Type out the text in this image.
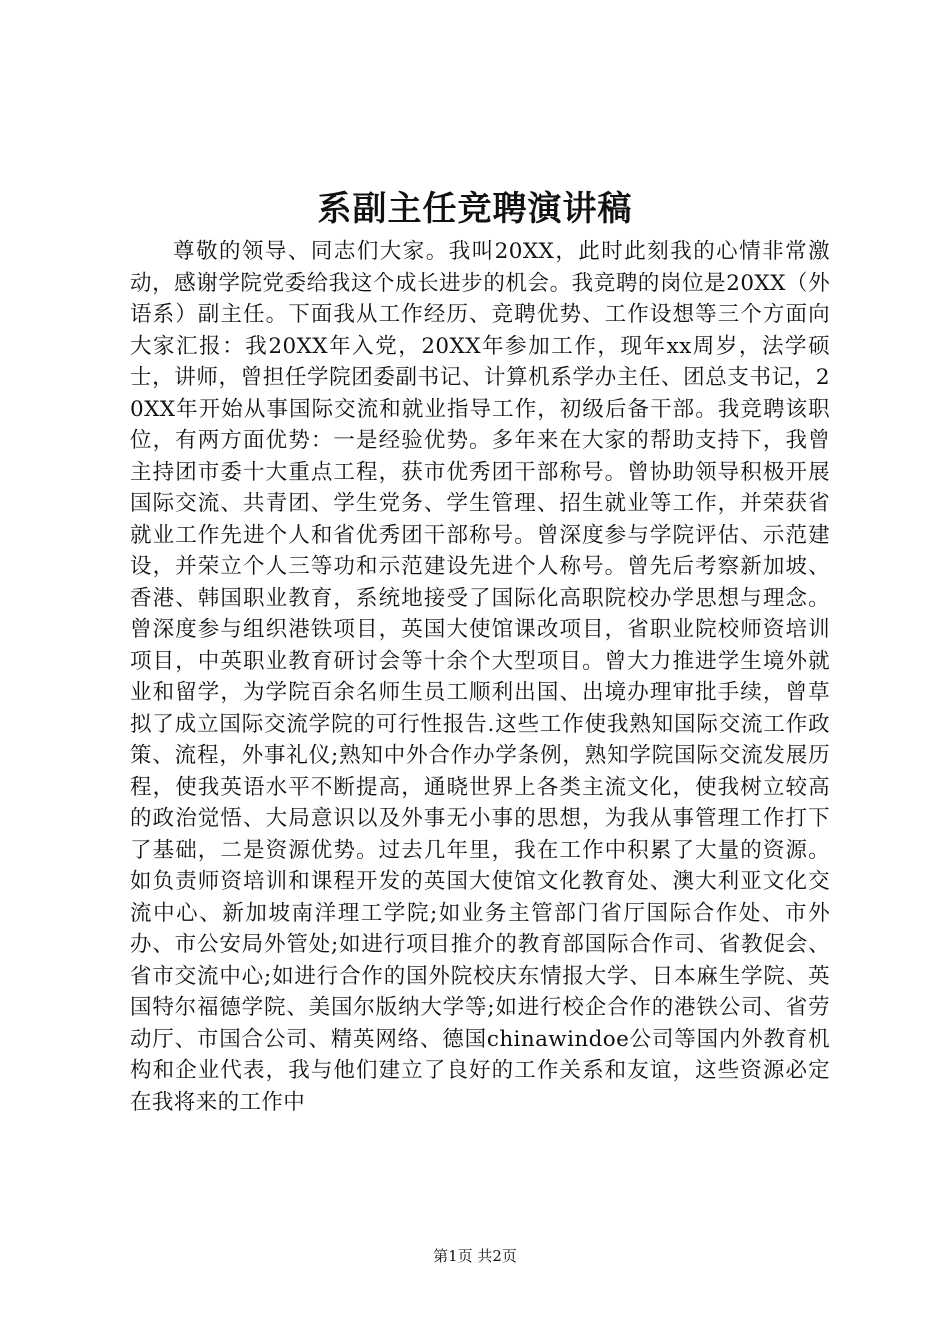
系副主任竞聘演讲稿

尊敬的领导、同志们大家。我叫20XX，此时此刻我的心情非常激动，感谢学院党委给我这个成长进步的机会。我竞聘的岗位是20XX（外语系）副主任。下面我从工作经历、竞聘优势、工作设想等三个方面向大家汇报：我20XX年入党，20XX年参加工作，现年xx周岁，法学硕士，讲师，曾担任学院团委副书记、计算机系学办主任、团总支书记，20XX年开始从事国际交流和就业指导工作，初级后备干部。我竞聘该职位，有两方面优势：一是经验优势。多年来在大家的帮助支持下，我曾主持团市委十大重点工程，获市优秀团干部称号。曾协助领导积极开展国际交流、共青团、学生党务、学生管理、招生就业等工作，并荣获省就业工作先进个人和省优秀团干部称号。曾深度参与学院评估、示范建设，并荣立个人三等功和示范建设先进个人称号。曾先后考察新加坡、香港、韩国职业教育，系统地接受了国际化高职院校办学思想与理念。曾深度参与组织港铁项目，英国大使馆课改项目，省职业院校师资培训项目，中英职业教育研讨会等十余个大型项目。曾大力推进学生境外就业和留学，为学院百余名师生员工顺利出国、出境办理审批手续，曾草拟了成立国际交流学院的可行性报告.这些工作使我熟知国际交流工作政策、流程，外事礼仪;熟知中外合作办学条例，熟知学院国际交流发展历程，使我英语水平不断提高，通晓世界上各类主流文化，使我树立较高的政治觉悟、大局意识以及外事无小事的思想，为我从事管理工作打下了基础，二是资源优势。过去几年里，我在工作中积累了大量的资源。如负责师资培训和课程开发的英国大使馆文化教育处、澳大利亚文化交流中心、新加坡南洋理工学院;如业务主管部门省厅国际合作处、市外办、市公安局外管处;如进行项目推介的教育部国际合作司、省教促会、省市交流中心;如进行合作的国外院校庆东情报大学、日本麻生学院、英国特尔福德学院、美国尔版纳大学等;如进行校企合作的港铁公司、省劳动厅、市国合公司、精英网络、德国chinawindoe公司等国内外教育机构和企业代表，我与他们建立了良好的工作关系和友谊，这些资源必定在我将来的工作中

第1页 共2页
